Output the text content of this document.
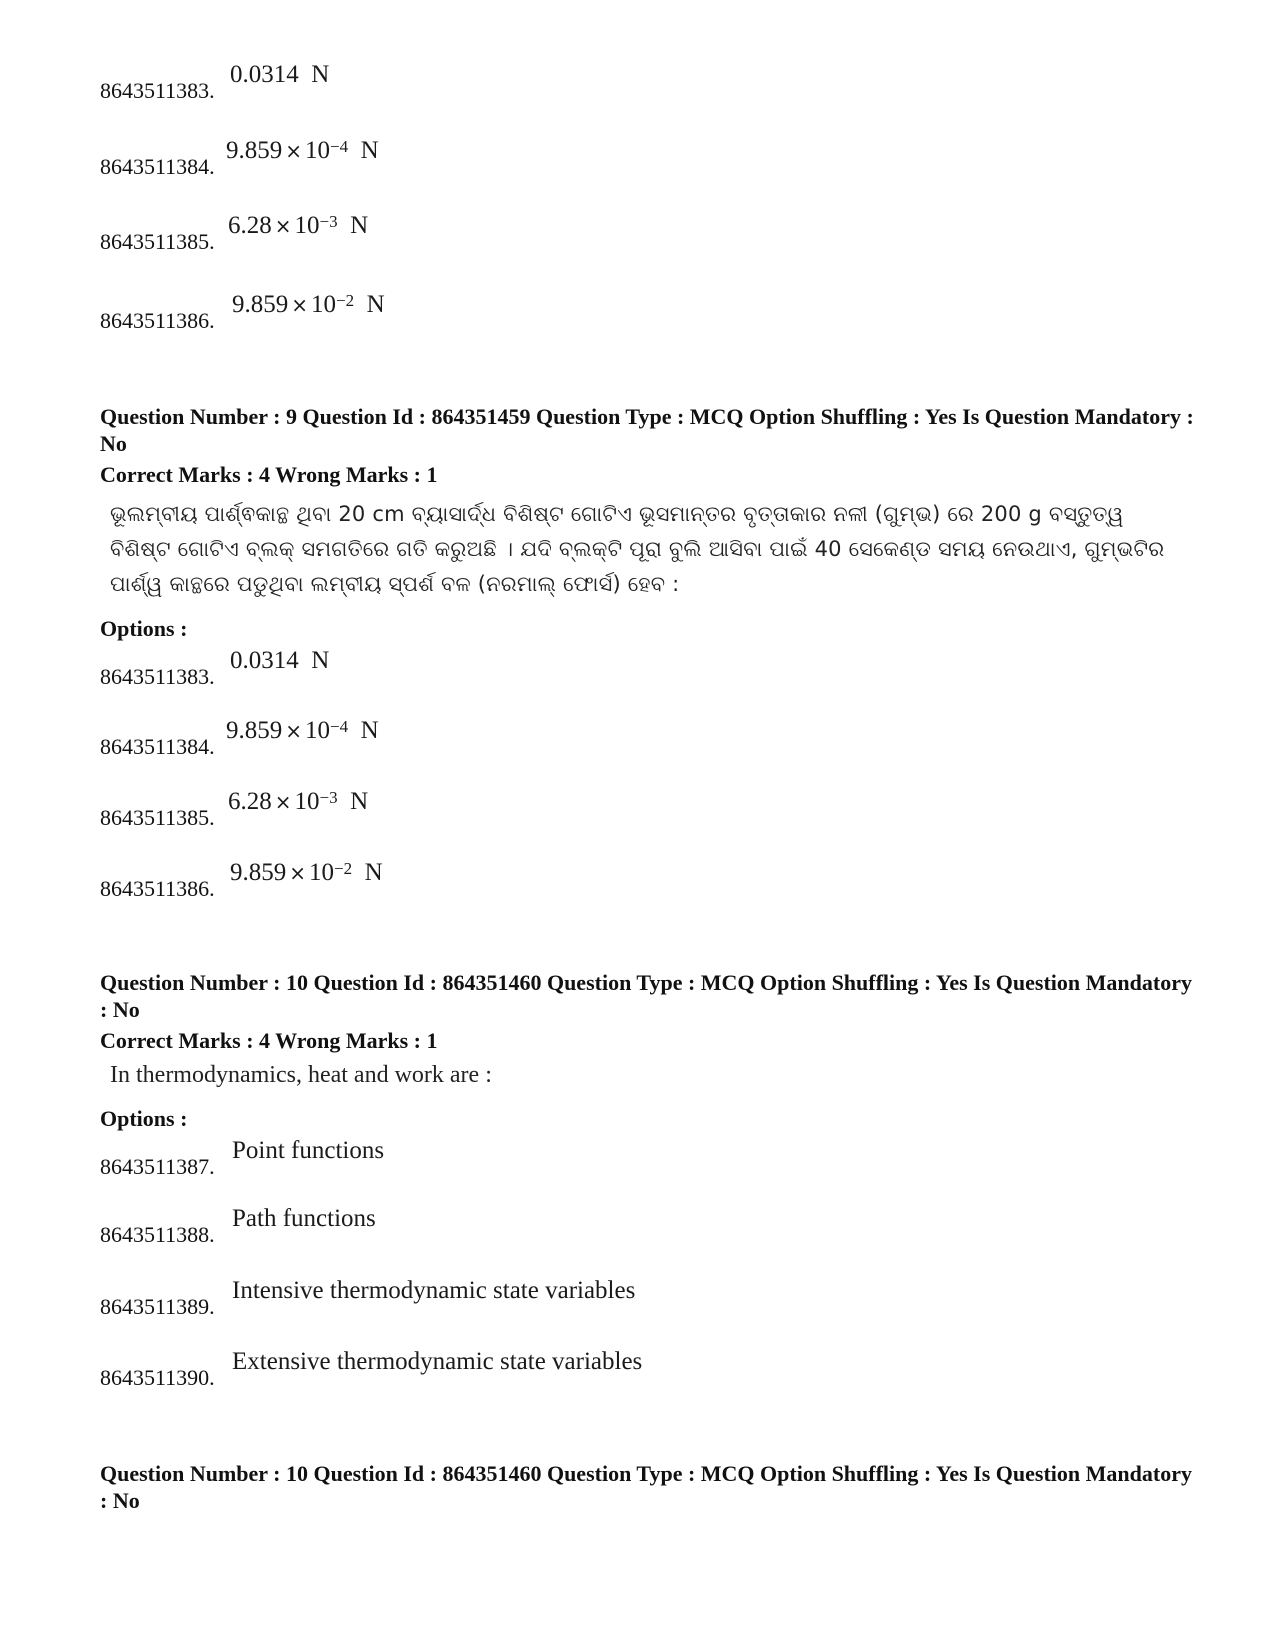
8643511383.
0.0314 N
8643511384.
$9.859 \times 10^{-4}$ N
8643511385.
$6.28 \times 10^{-3}$ N
8643511386.
$9.859 \times 10^{-2}$ N
Question Number : 9 Question Id : 864351459 Question Type : MCQ Option Shuffling : Yes Is Question Mandatory : No
Correct Marks : 4 Wrong Marks : 1
ଭୂଲମ୍ବୀୟ ପାର୍ଶ୍ଵକାନ୍ଥ ଥିବା 20 cm ବ୍ୟାସାର୍ଦ୍ଧ ବିଶିଷ୍ଟ ଗୋଟିଏ ଭୂସମାନ୍ତର ବୃତ୍ତାକାର ନଳୀ (ଗୁମ୍ଭ) ରେ 200 g ବସ୍ତୁତ୍ୱ ବିଶିଷ୍ଟ ଗୋଟିଏ ବ୍ଲକ୍ ସମଗତିରେ ଗତି କରୁଅଛି । ଯଦି ବ୍ଲକ୍‌ଟି ପୂରା ବୁଲି ଆସିବା ପାଇଁ 40 ସେକେଣ୍ଡ ସମୟ ନେଉଥାଏ, ଗୁମ୍ଭଟିର ପାର୍ଶ୍ୱ କାନ୍ଥରେ ପଡୁଥିବା ଲମ୍ବୀୟ ସ୍ପର୍ଶ ବଳ (ନରମାଲ୍ ଫୋର୍ସ) ହେବ :
Options :
8643511383.
0.0314 N
8643511384.
$9.859 \times 10^{-4}$ N
8643511385.
$6.28 \times 10^{-3}$ N
8643511386.
$9.859 \times 10^{-2}$ N
Question Number : 10 Question Id : 864351460 Question Type : MCQ Option Shuffling : Yes Is Question Mandatory : No
Correct Marks : 4 Wrong Marks : 1
In thermodynamics, heat and work are :
Options :
8643511387.
Point functions
8643511388.
Path functions
8643511389.
Intensive thermodynamic state variables
8643511390.
Extensive thermodynamic state variables
Question Number : 10 Question Id : 864351460 Question Type : MCQ Option Shuffling : Yes Is Question Mandatory : No
